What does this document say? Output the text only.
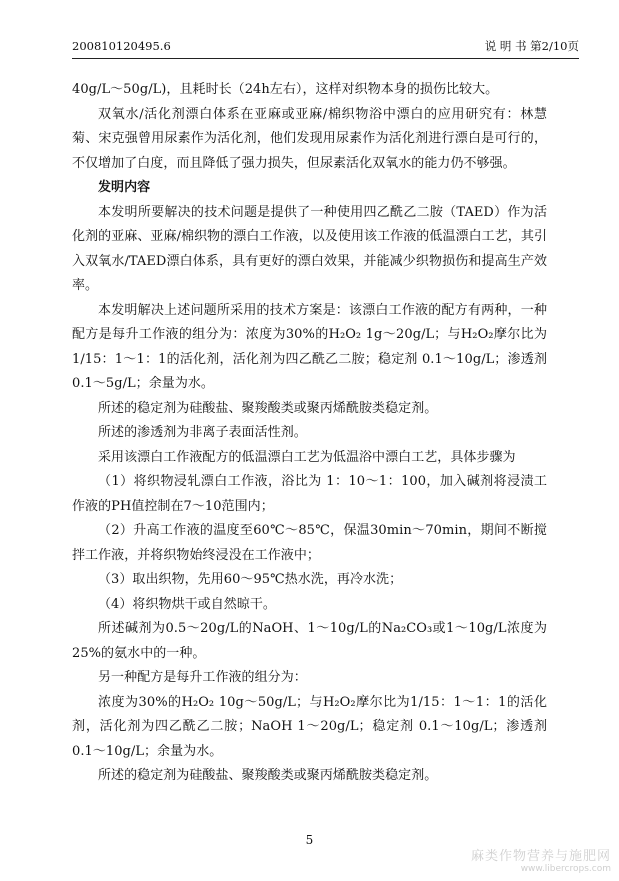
200810120495.6	说 明 书 第2/10页

40g/L～50g/L)，且耗时长（24h左右），这样对织物本身的损伤比较大。

双氧水/活化剂漂白体系在亚麻或亚麻/棉织物浴中漂白的应用研究有：林慧菊、宋克强曾用尿素作为活化剂，他们发现用尿素作为活化剂进行漂白是可行的，不仅增加了白度，而且降低了强力损失，但尿素活化双氧水的能力仍不够强。

发明内容

本发明所要解决的技术问题是提供了一种使用四乙酰乙二胺（TAED）作为活化剂的亚麻、亚麻/棉织物的漂白工作液，以及使用该工作液的低温漂白工艺，其引入双氧水/TAED漂白体系，具有更好的漂白效果，并能减少织物损伤和提高生产效率。

本发明解决上述问题所采用的技术方案是：该漂白工作液的配方有两种，一种配方是每升工作液的组分为：浓度为30%的H₂O₂ 1g～20g/L；与H₂O₂摩尔比为1/15：1～1：1的活化剂，活化剂为四乙酰乙二胺；稳定剂 0.1～10g/L；渗透剂 0.1～5g/L；余量为水。

所述的稳定剂为硅酸盐、聚羧酸类或聚丙烯酰胺类稳定剂。

所述的渗透剂为非离子表面活性剂。

采用该漂白工作液配方的低温漂白工艺为低温浴中漂白工艺，具体步骤为

（1）将织物浸轧漂白工作液，浴比为 1：10～1：100，加入碱剂将浸渍工作液的PH值控制在7～10范围内；

（2）升高工作液的温度至60℃～85℃，保温30min～70min，期间不断搅拌工作液，并将织物始终浸没在工作液中；

（3）取出织物，先用60～95℃热水洗，再冷水洗；

（4）将织物烘干或自然晾干。

所述碱剂为0.5～20g/L的NaOH、1～10g/L的Na₂CO₃或1～10g/L浓度为25%的氨水中的一种。

另一种配方是每升工作液的组分为：

浓度为30%的H₂O₂ 10g～50g/L；与H₂O₂摩尔比为1/15：1～1：1的活化剂，活化剂为四乙酰乙二胺；NaOH 1～20g/L；稳定剂 0.1～10g/L；渗透剂 0.1～10g/L；余量为水。

所述的稳定剂为硅酸盐、聚羧酸类或聚丙烯酰胺类稳定剂。

5
麻类作物营养与施肥网
www.libercrops.com
